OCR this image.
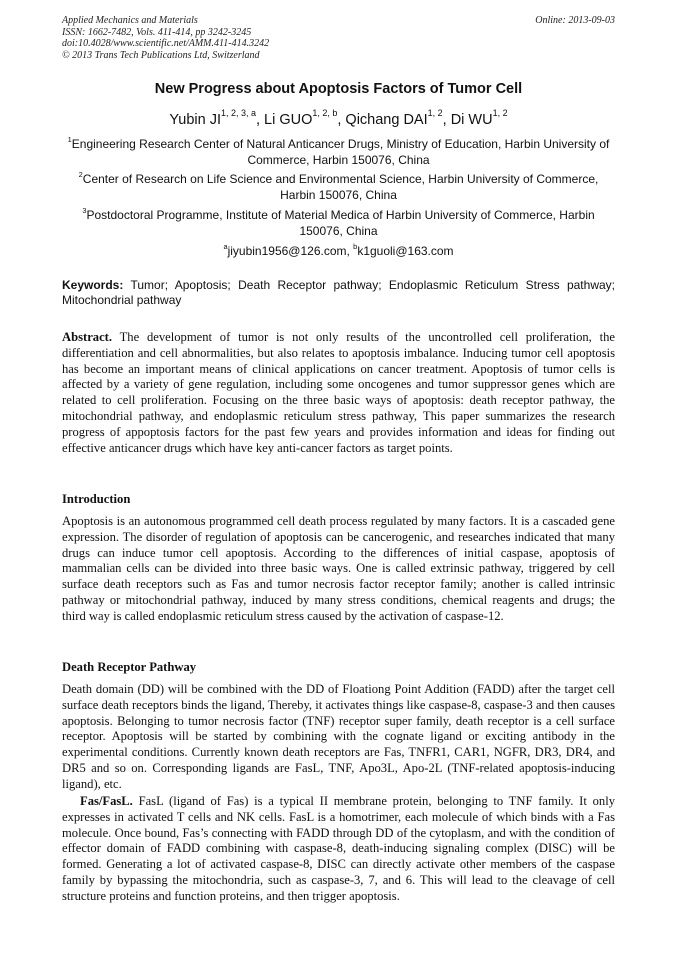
Applied Mechanics and Materials
ISSN: 1662-7482, Vols. 411-414, pp 3242-3245
doi:10.4028/www.scientific.net/AMM.411-414.3242
© 2013 Trans Tech Publications Ltd, Switzerland
Online: 2013-09-03
New Progress about Apoptosis Factors of Tumor Cell
Yubin JI$^{1, 2, 3, a}$, Li GUO$^{1, 2, b}$, Qichang DAI$^{1, 2}$, Di WU$^{1, 2}$
$^1$Engineering Research Center of Natural Anticancer Drugs, Ministry of Education, Harbin University of Commerce, Harbin 150076, China
$^2$Center of Research on Life Science and Environmental Science, Harbin University of Commerce, Harbin 150076, China
$^3$Postdoctoral Programme, Institute of Material Medica of Harbin University of Commerce, Harbin 150076, China
$^a$jiyubin1956@126.com, $^b$k1guoli@163.com
Keywords: Tumor; Apoptosis; Death Receptor pathway; Endoplasmic Reticulum Stress pathway; Mitochondrial pathway
Abstract. The development of tumor is not only results of the uncontrolled cell proliferation, the differentiation and cell abnormalities, but also relates to apoptosis imbalance. Inducing tumor cell apoptosis has become an important means of clinical applications on cancer treatment. Apoptosis of tumor cells is affected by a variety of gene regulation, including some oncogenes and tumor suppressor genes which are related to cell proliferation. Focusing on the three basic ways of apoptosis: death receptor pathway, the mitochondrial pathway, and endoplasmic reticulum stress pathway, This paper summarizes the research progress of appoptosis factors for the past few years and provides information and ideas for finding out effective anticancer drugs which have key anti-cancer factors as target points.
Introduction
Apoptosis is an autonomous programmed cell death process regulated by many factors. It is a cascaded gene expression. The disorder of regulation of apoptosis can be cancerogenic, and researches indicated that many drugs can induce tumor cell apoptosis. According to the differences of initial caspase, apoptosis of mammalian cells can be divided into three basic ways. One is called extrinsic pathway, triggered by cell surface death receptors such as Fas and tumor necrosis factor receptor family; another is called intrinsic pathway or mitochondrial pathway, induced by many stress conditions, chemical reagents and drugs; the third way is called endoplasmic reticulum stress caused by the activation of caspase-12.
Death Receptor Pathway
Death domain (DD) will be combined with the DD of Floationg Point Addition (FADD) after the target cell surface death receptors binds the ligand, Thereby, it activates things like caspase-8, caspase-3 and then causes apoptosis. Belonging to tumor necrosis factor (TNF) receptor super family, death receptor is a cell surface receptor. Apoptosis will be started by combining with the cognate ligand or exciting antibody in the experimental conditions. Currently known death receptors are Fas, TNFR1, CAR1, NGFR, DR3, DR4, and DR5 and so on. Corresponding ligands are FasL, TNF, Apo3L, Apo-2L (TNF-related apoptosis-inducing ligand), etc.
Fas/FasL. FasL (ligand of Fas) is a typical II membrane protein, belonging to TNF family. It only expresses in activated T cells and NK cells. FasL is a homotrimer, each molecule of which binds with a Fas molecule. Once bound, Fas’s connecting with FADD through DD of the cytoplasm, and with the condition of effector domain of FADD combining with caspase-8, death-inducing signaling complex (DISC) will be formed. Generating a lot of activated caspase-8, DISC can directly activate other members of the caspase family by bypassing the mitochondria, such as caspase-3, 7, and 6. This will lead to the cleavage of cell structure proteins and function proteins, and then trigger apoptosis.
